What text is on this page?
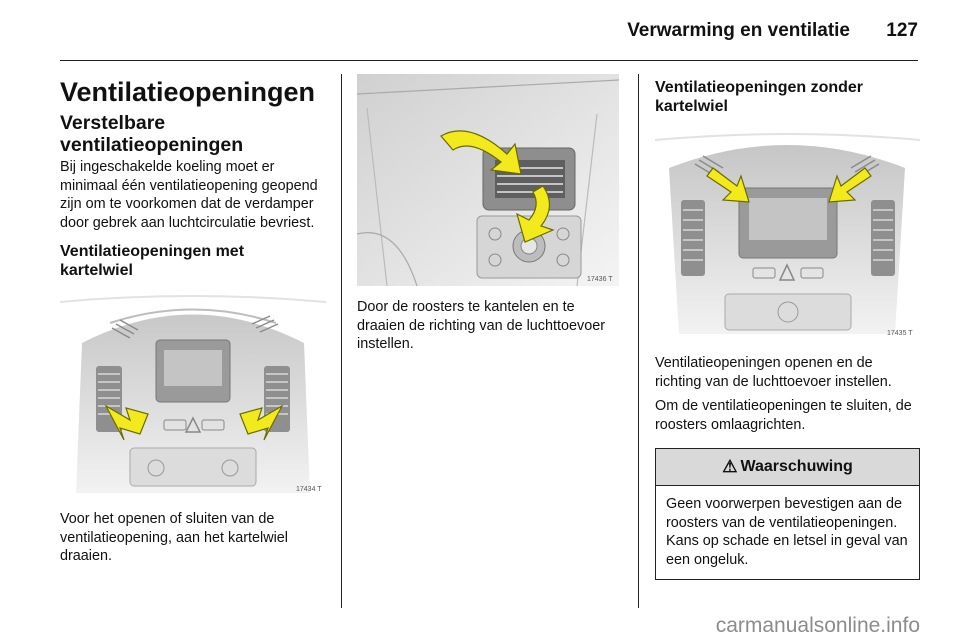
Verwarming en ventilatie 127
Ventilatieopeningen
Verstelbare ventilatieopeningen
Bij ingeschakelde koeling moet er minimaal één ventilatieopening geopend zijn om te voorkomen dat de verdamper door gebrek aan luchtcirculatie bevriest.
Ventilatieopeningen met kartelwiel
17434 T
Voor het openen of sluiten van de ventilatieopening, aan het kartelwiel draaien.
17436 T
Door de roosters te kantelen en te draaien de richting van de luchttoevoer instellen.
Ventilatieopeningen zonder kartelwiel
17435 T
Ventilatieopeningen openen en de richting van de luchttoevoer instellen.
Om de ventilatieopeningen te sluiten, de roosters omlaagrichten.
⚠ Waarschuwing
Geen voorwerpen bevestigen aan de roosters van de ventilatieopeningen. Kans op schade en letsel in geval van een ongeluk.
carmanualsonline.info
